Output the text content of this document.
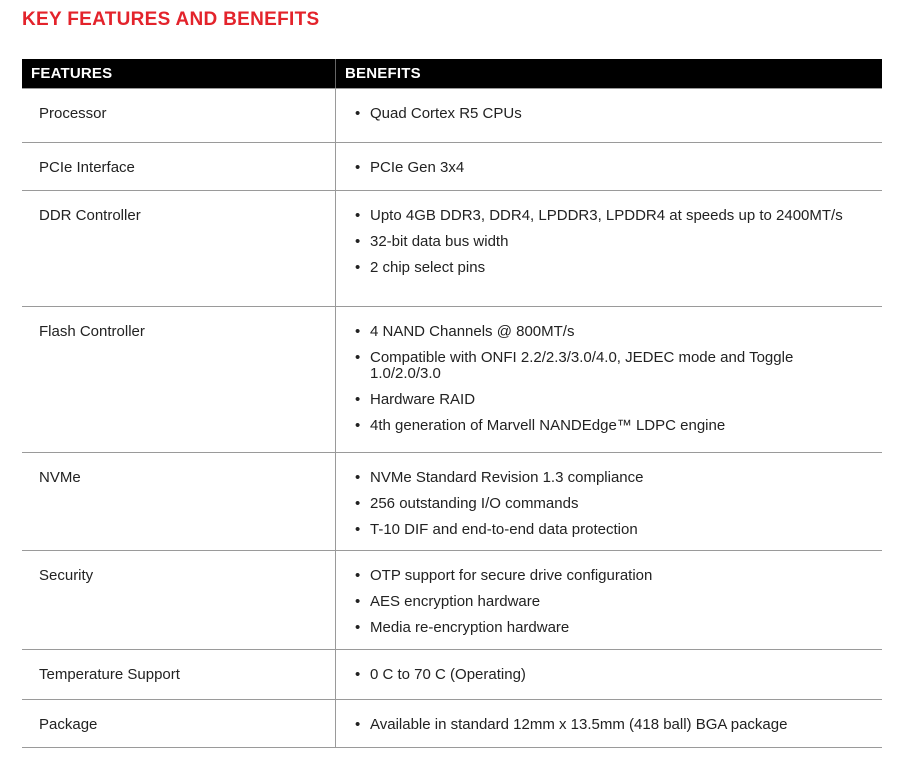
KEY FEATURES AND BENEFITS
FEATURES	BENEFITS
Processor	• Quad Cortex R5 CPUs
PCIe Interface	• PCIe Gen 3x4
DDR Controller	• Upto 4GB DDR3, DDR4, LPDDR3, LPDDR4 at speeds up to 2400MT/s
• 32-bit data bus width
• 2 chip select pins
Flash Controller	• 4 NAND Channels @ 800MT/s
• Compatible with ONFI 2.2/2.3/3.0/4.0, JEDEC mode and Toggle 1.0/2.0/3.0
• Hardware RAID
• 4th generation of Marvell NANDEdge™ LDPC engine
NVMe	• NVMe Standard Revision 1.3 compliance
• 256 outstanding I/O commands
• T-10 DIF and end-to-end data protection
Security	• OTP support for secure drive configuration
• AES encryption hardware
• Media re-encryption hardware
Temperature Support	• 0 C to 70 C (Operating)
Package	• Available in standard 12mm x 13.5mm (418 ball) BGA package
